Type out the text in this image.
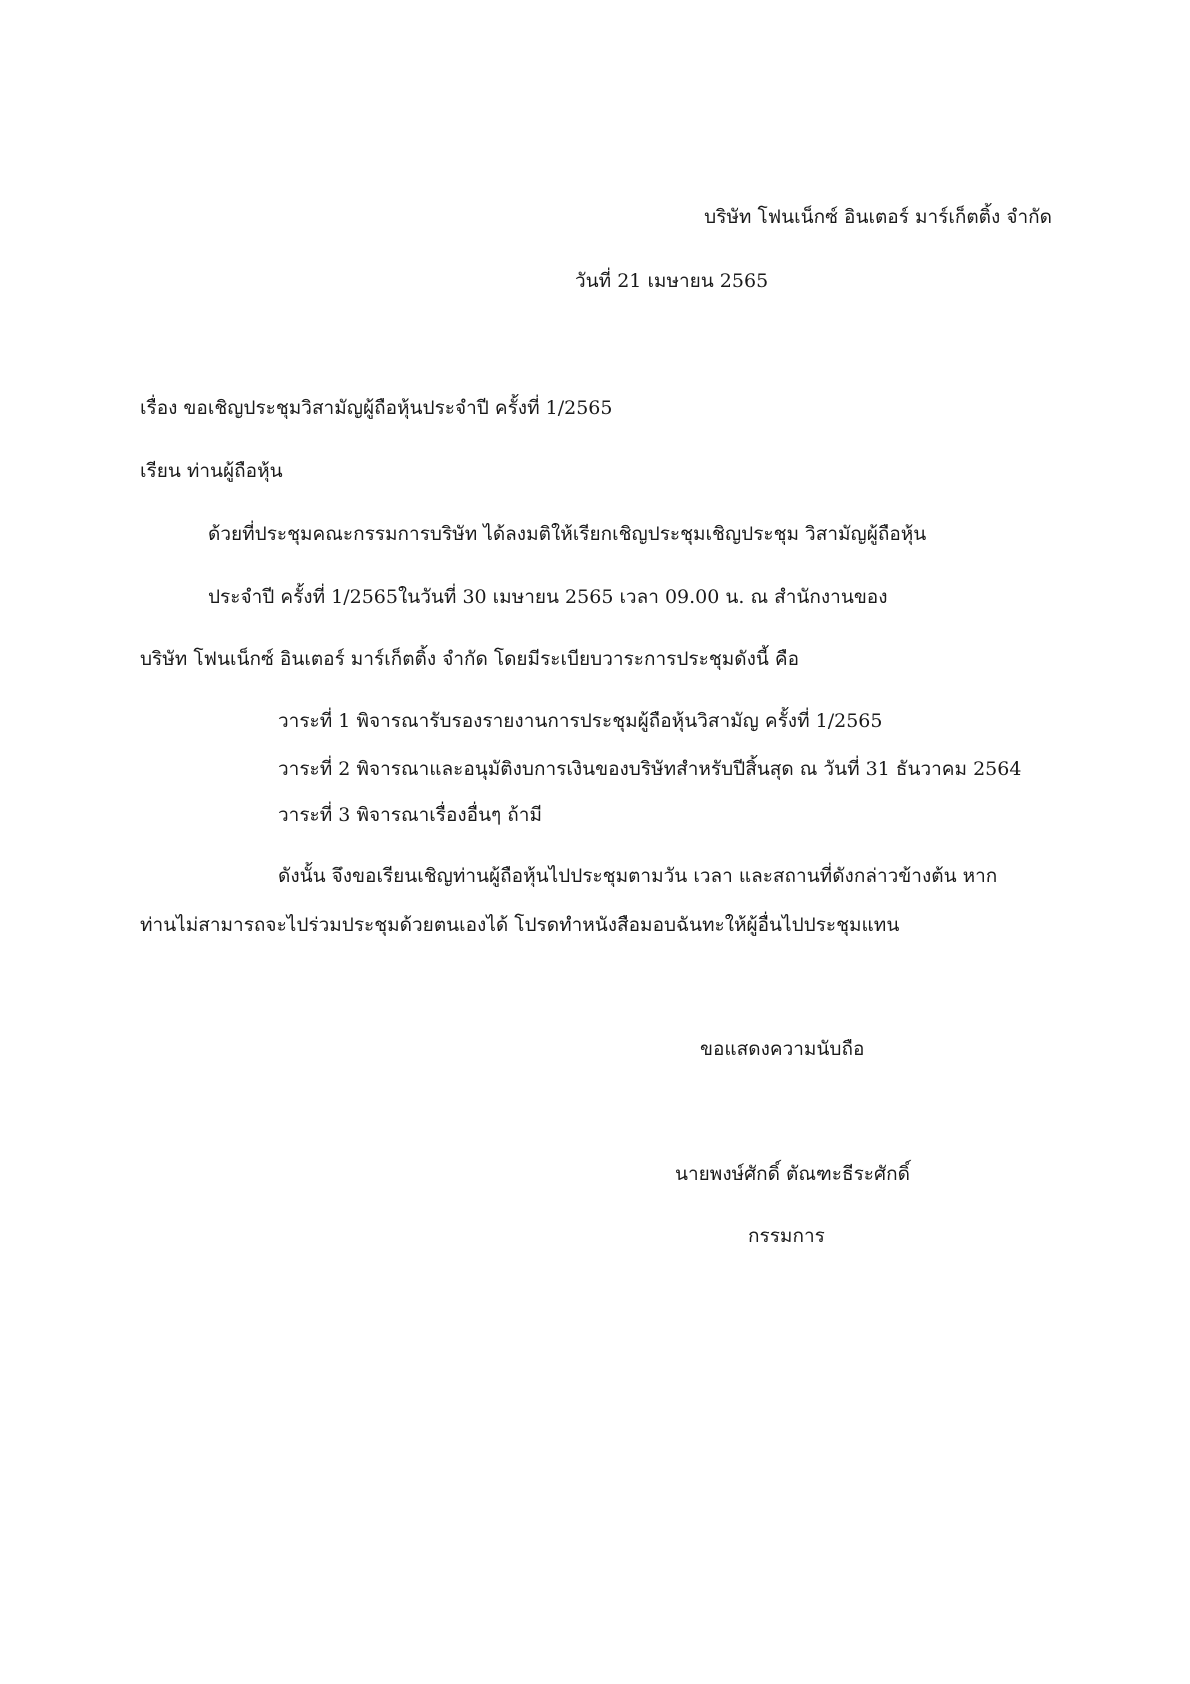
บริษัท โฟนเน็กซ์ อินเตอร์ มาร์เก็ตติ้ง จำกัด
วันที่ 21 เมษายน 2565
เรื่อง ขอเชิญประชุมวิสามัญผู้ถือหุ้นประจำปี ครั้งที่ 1/2565
เรียน ท่านผู้ถือหุ้น
ด้วยที่ประชุมคณะกรรมการบริษัท ได้ลงมติให้เรียกเชิญประชุมเชิญประชุม วิสามัญผู้ถือหุ้น
ประจำปี ครั้งที่ 1/2565ในวันที่ 30 เมษายน 2565 เวลา 09.00 น. ณ สำนักงานของ
บริษัท โฟนเน็กซ์ อินเตอร์ มาร์เก็ตติ้ง จำกัด โดยมีระเบียบวาระการประชุมดังนี้ คือ
วาระที่ 1 พิจารณารับรองรายงานการประชุมผู้ถือหุ้นวิสามัญ ครั้งที่ 1/2565
วาระที่ 2 พิจารณาและอนุมัติงบการเงินของบริษัทสำหรับปีสิ้นสุด ณ วันที่ 31 ธันวาคม 2564
วาระที่ 3 พิจารณาเรื่องอื่นๆ ถ้ามี
ดังนั้น จึงขอเรียนเชิญท่านผู้ถือหุ้นไปประชุมตามวัน เวลา และสถานที่ดังกล่าวข้างต้น หาก
ท่านไม่สามารถจะไปร่วมประชุมด้วยตนเองได้ โปรดทำหนังสือมอบฉันทะให้ผู้อื่นไปประชุมแทน
ขอแสดงความนับถือ
นายพงษ์ศักดิ์ ตัณฑะธีระศักดิ์
กรรมการ
